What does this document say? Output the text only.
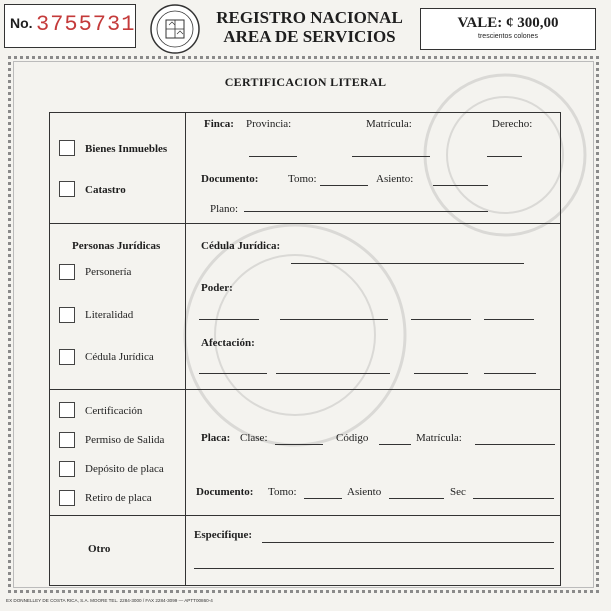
No. 3755731	REGISTRO NACIONAL
AREA DE SERVICIOS
VALE: ¢ 300,00
trescientos colones
CERTIFICACION LITERAL
Bienes Inmuebles
Catastro
Finca: Provincia:	Matrícula:	Derecho:
Documento:	Tomo:	Asiento:
Plano:
Personas Jurídicas
Personería
Literalidad
Cédula Jurídica
Cédula Jurídica:
Poder:
Afectación:
Certificación
Permiso de Salida
Depósito de placa
Retiro de placa
Placa: Clase:	Código	Matrícula:
Documento: Tomo:	Asiento	Sec
Otro
Especifique:
EX DONNELLEY DE COSTA RICA, S.A. MOORE TEL. 2284-3000 / FAX 2284-3099 — APTT00860-4
